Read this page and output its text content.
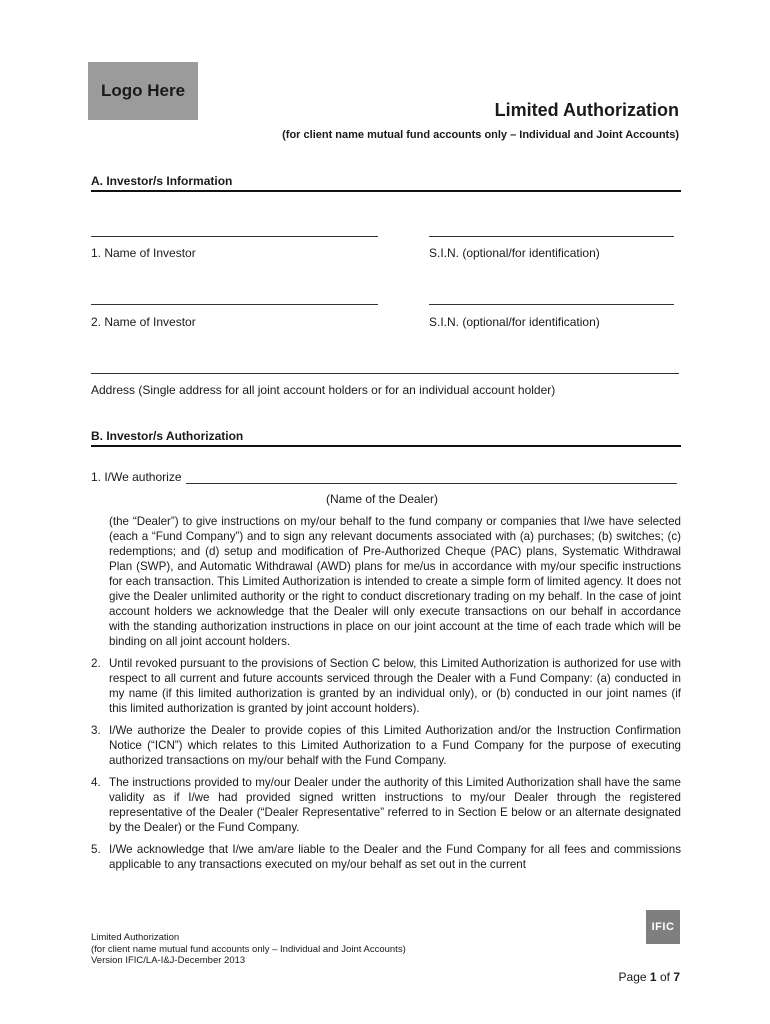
Logo Here
Limited Authorization
(for client name mutual fund accounts only – Individual and Joint Accounts)
A. Investor/s Information
1. Name of Investor	S.I.N. (optional/for identification)
2. Name of Investor	S.I.N. (optional/for identification)
Address (Single address for all joint account holders or for an individual account holder)
B. Investor/s Authorization
1. I/We authorize
(Name of the Dealer)
(the “Dealer”) to give instructions on my/our behalf to the fund company or companies that I/we have selected (each a “Fund Company”) and to sign any relevant documents associated with (a) purchases; (b) switches; (c) redemptions; and (d) setup and modification of Pre-Authorized Cheque (PAC) plans, Systematic Withdrawal Plan (SWP), and Automatic Withdrawal (AWD) plans for me/us in accordance with my/our specific instructions for each transaction. This Limited Authorization is intended to create a simple form of limited agency. It does not give the Dealer unlimited authority or the right to conduct discretionary trading on my behalf. In the case of joint account holders we acknowledge that the Dealer will only execute transactions on our behalf in accordance with the standing authorization instructions in place on our joint account at the time of each trade which will be binding on all joint account holders.
2. Until revoked pursuant to the provisions of Section C below, this Limited Authorization is authorized for use with respect to all current and future accounts serviced through the Dealer with a Fund Company: (a) conducted in my name (if this limited authorization is granted by an individual only), or (b) conducted in our joint names (if this limited authorization is granted by joint account holders).
3. I/We authorize the Dealer to provide copies of this Limited Authorization and/or the Instruction Confirmation Notice (“ICN”) which relates to this Limited Authorization to a Fund Company for the purpose of executing authorized transactions on my/our behalf with the Fund Company.
4. The instructions provided to my/our Dealer under the authority of this Limited Authorization shall have the same validity as if I/we had provided signed written instructions to my/our Dealer through the registered representative of the Dealer (“Dealer Representative” referred to in Section E below or an alternate designated by the Dealer) or the Fund Company.
5. I/We acknowledge that I/we am/are liable to the Dealer and the Fund Company for all fees and commissions applicable to any transactions executed on my/our behalf as set out in the current
IFIC
Limited Authorization
(for client name mutual fund accounts only – Individual and Joint Accounts)
Version IFIC/LA-I&J-December 2013
Page 1 of 7
